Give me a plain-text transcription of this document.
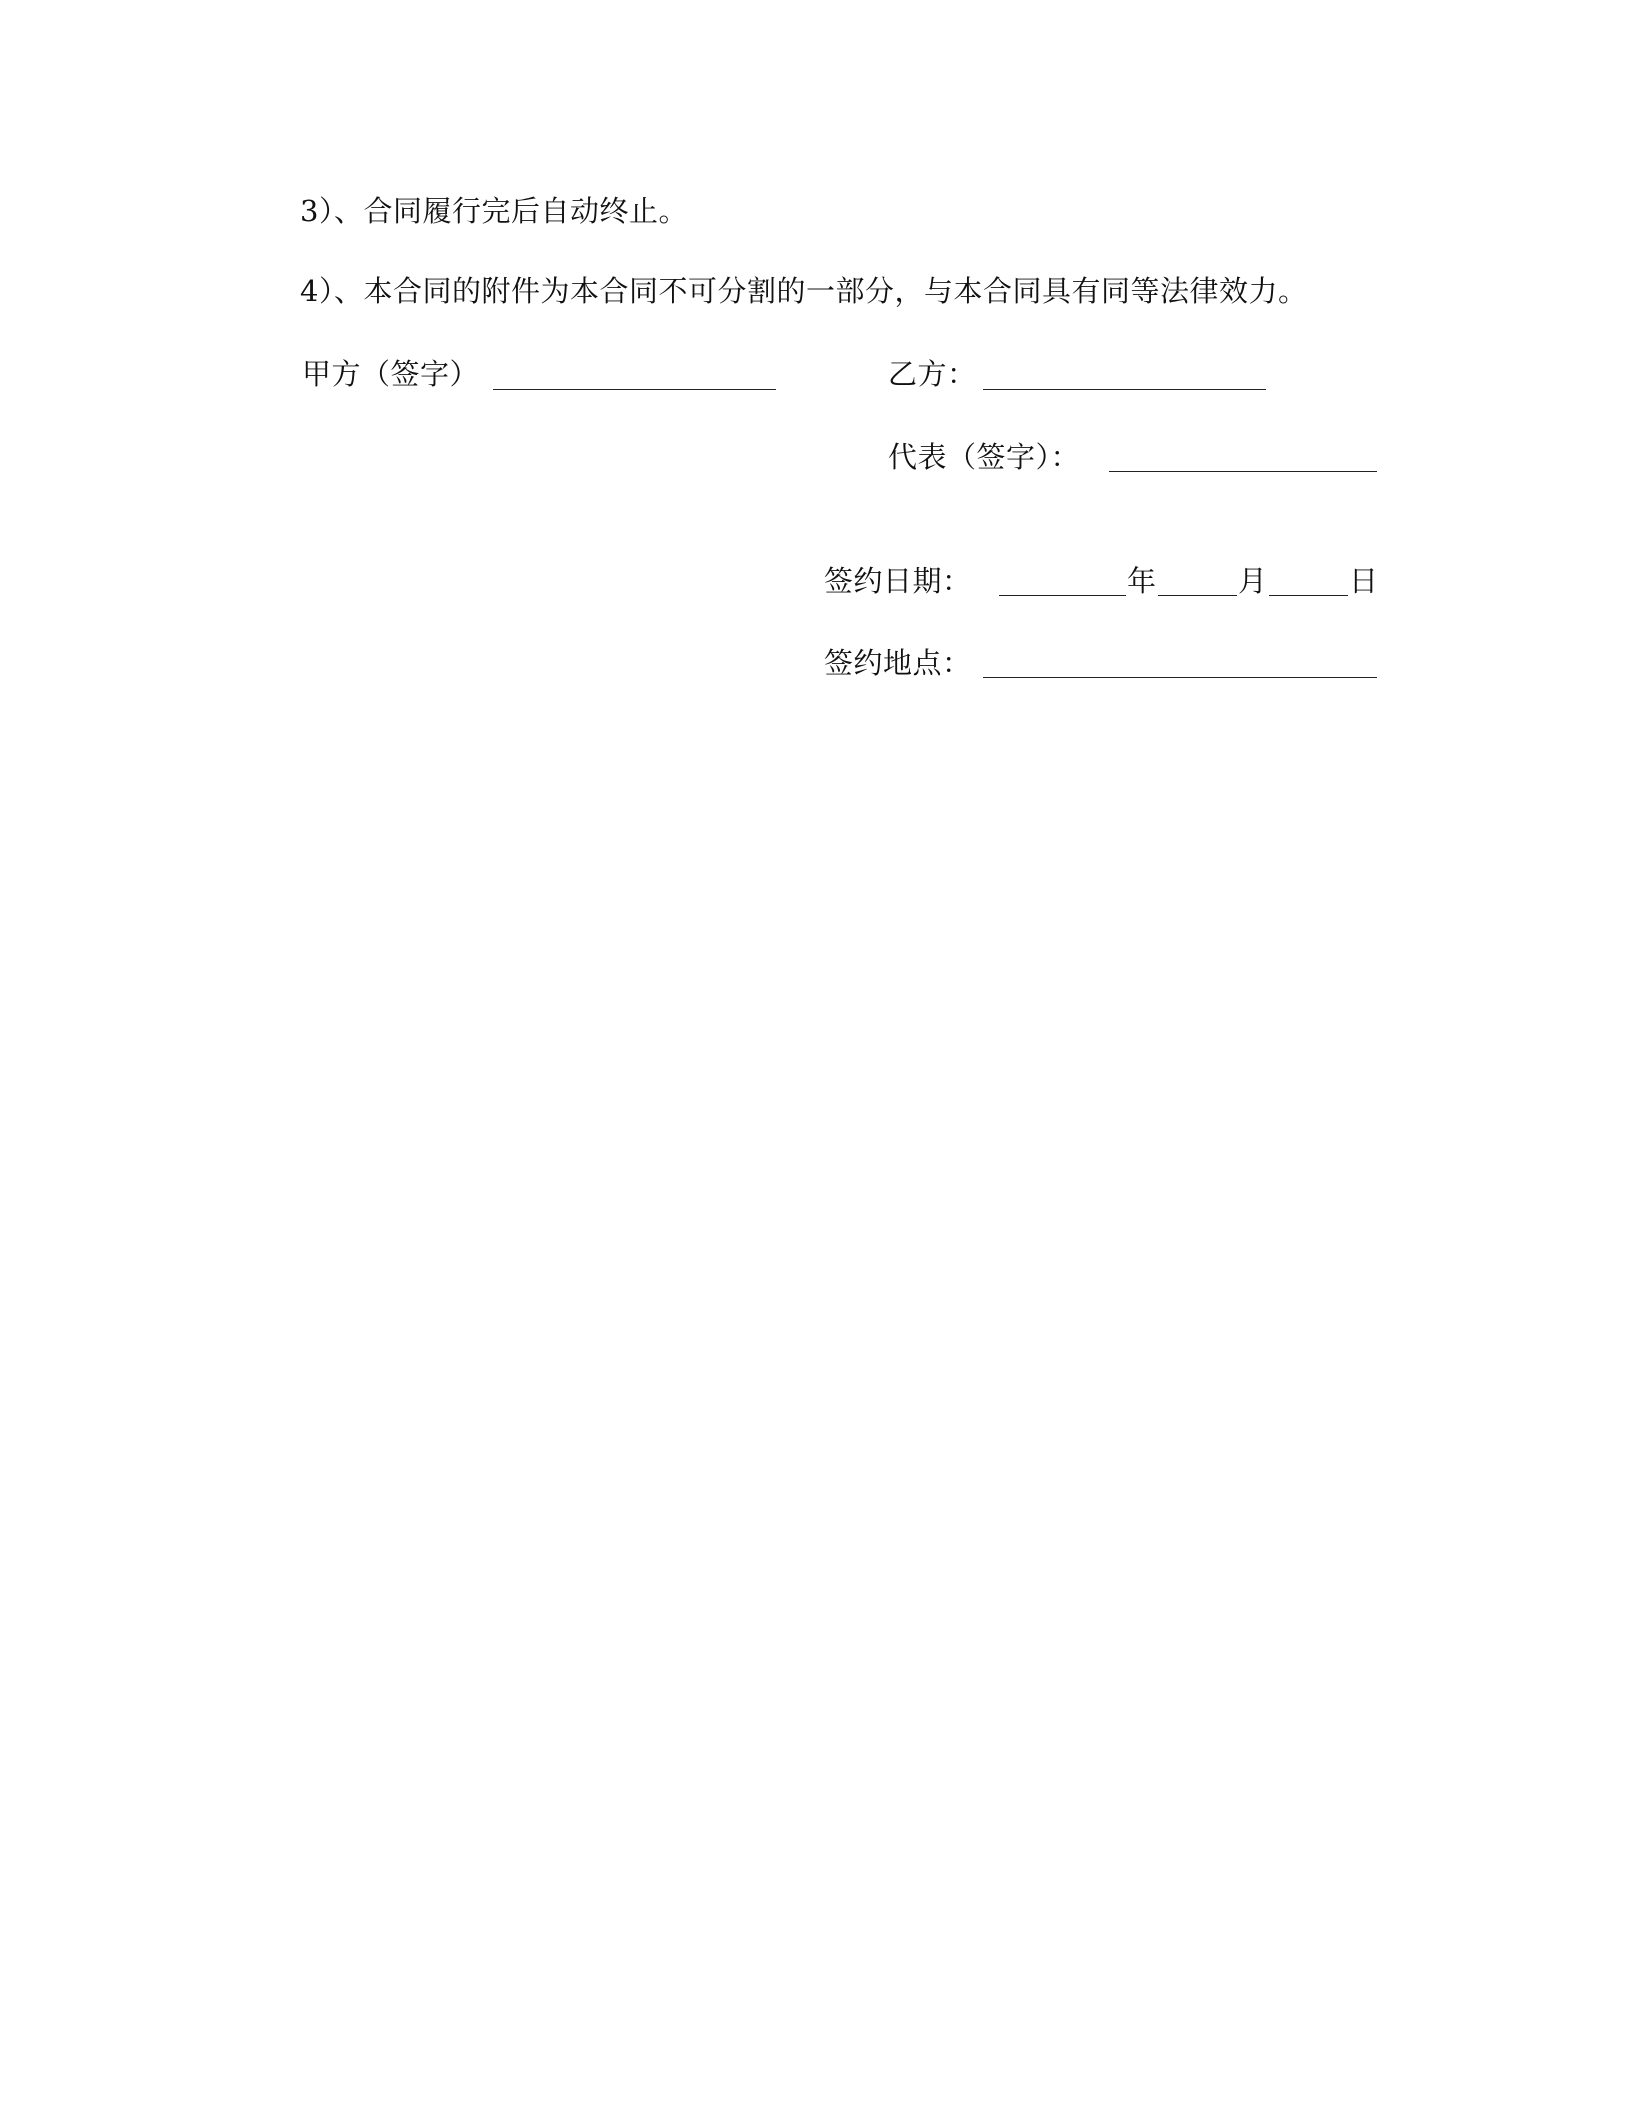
3）、合同履行完后自动终止。
4）、本合同的附件为本合同不可分割的一部分，与本合同具有同等法律效力。
甲方（签字）	乙方：
代表（签字）：
签约日期：	年	月	日
签约地点：
